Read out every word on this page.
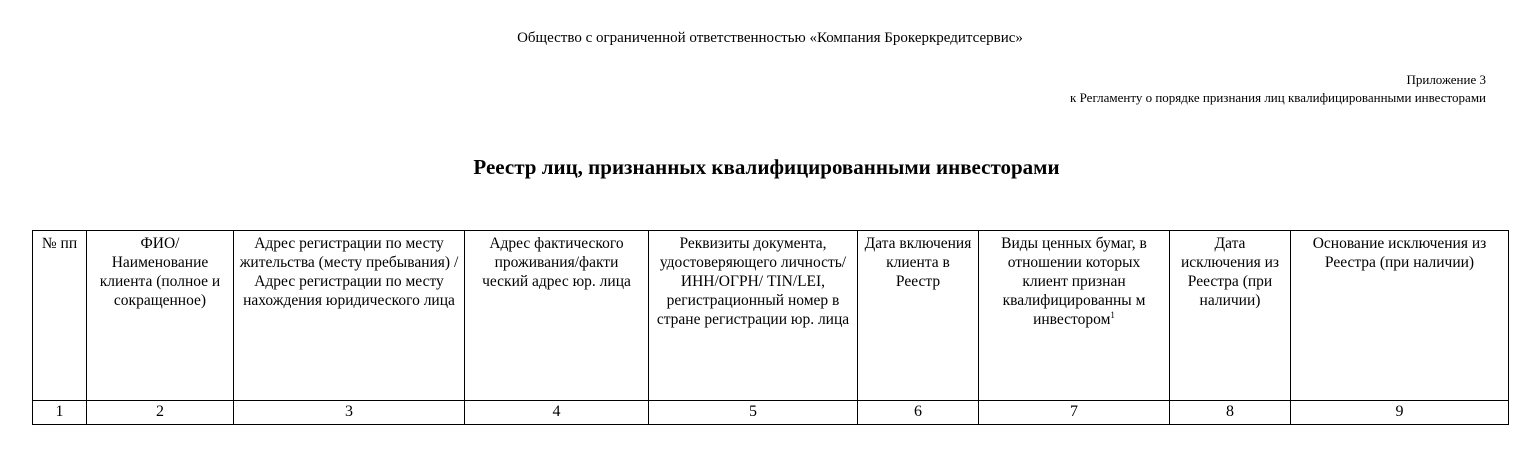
Общество с ограниченной ответственностью «Компания Брокеркредитсервис»
Приложение 3
к Регламенту о порядке признания лиц квалифицированными инвесторами
Реестр лиц, признанных квалифицированными инвесторами
№ пп	ФИО/ Наименование клиента (полное и сокращенное)	Адрес регистрации по месту жительства (месту пребывания) /Адрес регистрации по месту нахождения юридического лица	Адрес фактического проживания/факти ческий адрес юр. лица	Реквизиты документа, удостоверяющего личность/ИНН/ОГРН/ TIN/LEI, регистрационный номер в стране регистрации юр. лица	Дата включения клиента в Реестр	Виды ценных бумаг, в отношении которых клиент признан квалифицированны м инвестором$^1$	Дата исключения из Реестра (при наличии)	Основание исключения из Реестра (при наличии)
1	2	3	4	5	6	7	8	9
